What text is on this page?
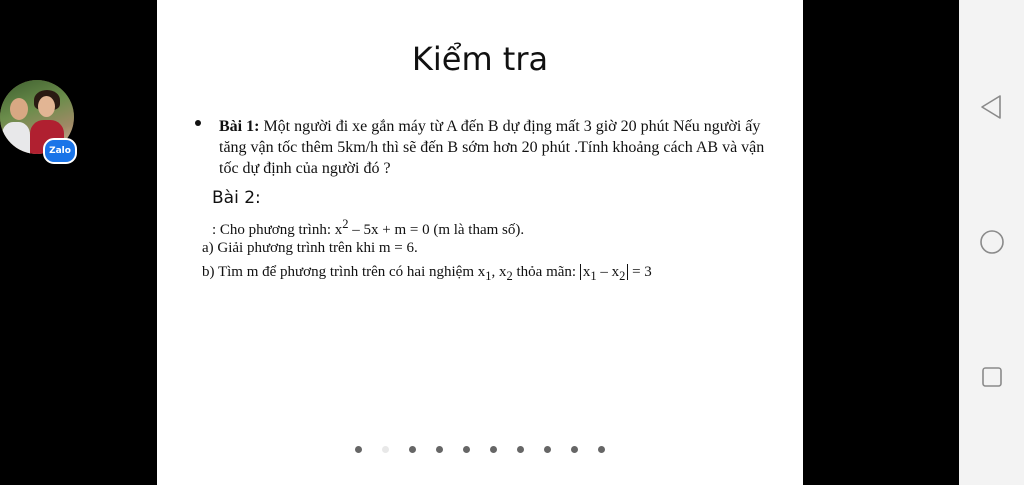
Kiểm tra
Bài 1: Một người đi xe gắn máy từ A đến B dự địng mất 3 giờ 20 phút Nếu người ấy tăng vận tốc thêm 5km/h thì sẽ đến B sớm hơn 20 phút .Tính khoảng cách AB và vận tốc dự định của người đó ?
Bài 2:
: Cho phương trình: $x^2 - 5x + m = 0$ (m là tham số).
a) Giải phương trình trên khi m = 6.
b) Tìm m để phương trình trên có hai nghiệm $x_1$, $x_2$ thỏa mãn: $x_1 - x_2 = 3$
Zalo
